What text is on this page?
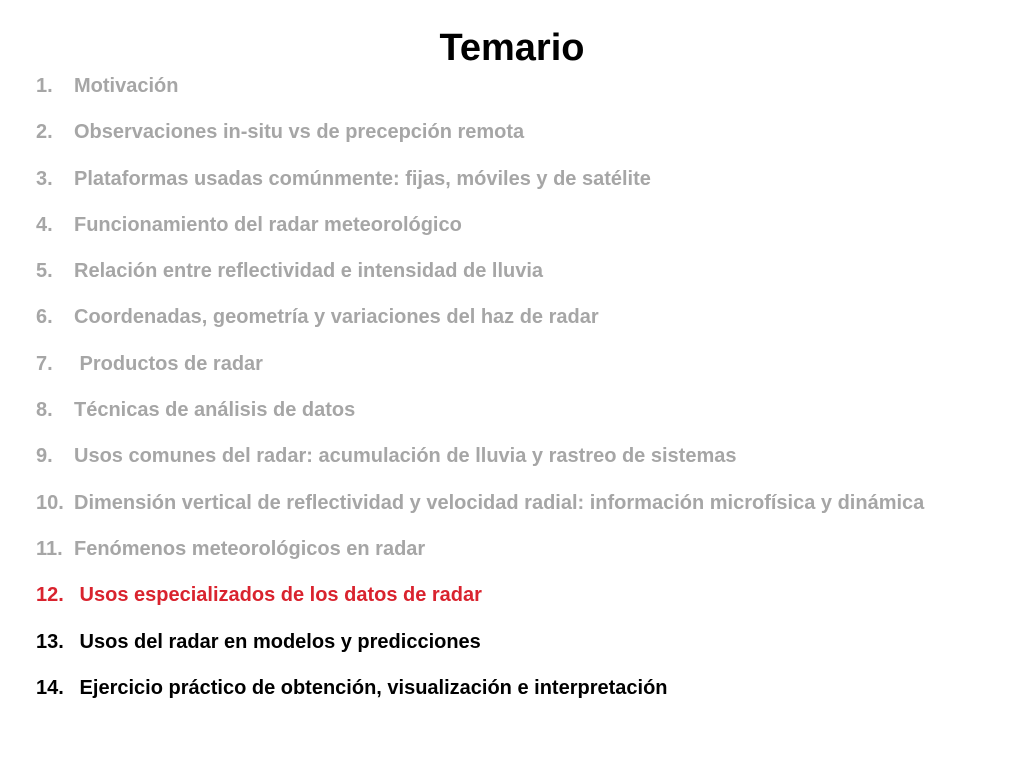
Temario
1. Motivación
2. Observaciones in-situ vs de precepción remota
3. Plataformas usadas comúnmente: fijas, móviles y de satélite
4. Funcionamiento del radar meteorológico
5. Relación entre reflectividad e intensidad de lluvia
6. Coordenadas, geometría y variaciones del haz de radar
7. Productos de radar
8. Técnicas de análisis de datos
9. Usos comunes del radar: acumulación de lluvia y rastreo de sistemas
10. Dimensión vertical de reflectividad y velocidad radial: información microfísica y dinámica
11. Fenómenos meteorológicos en radar
12. Usos especializados de los datos de radar
13. Usos del radar en modelos y predicciones
14. Ejercicio práctico de obtención, visualización e interpretación
